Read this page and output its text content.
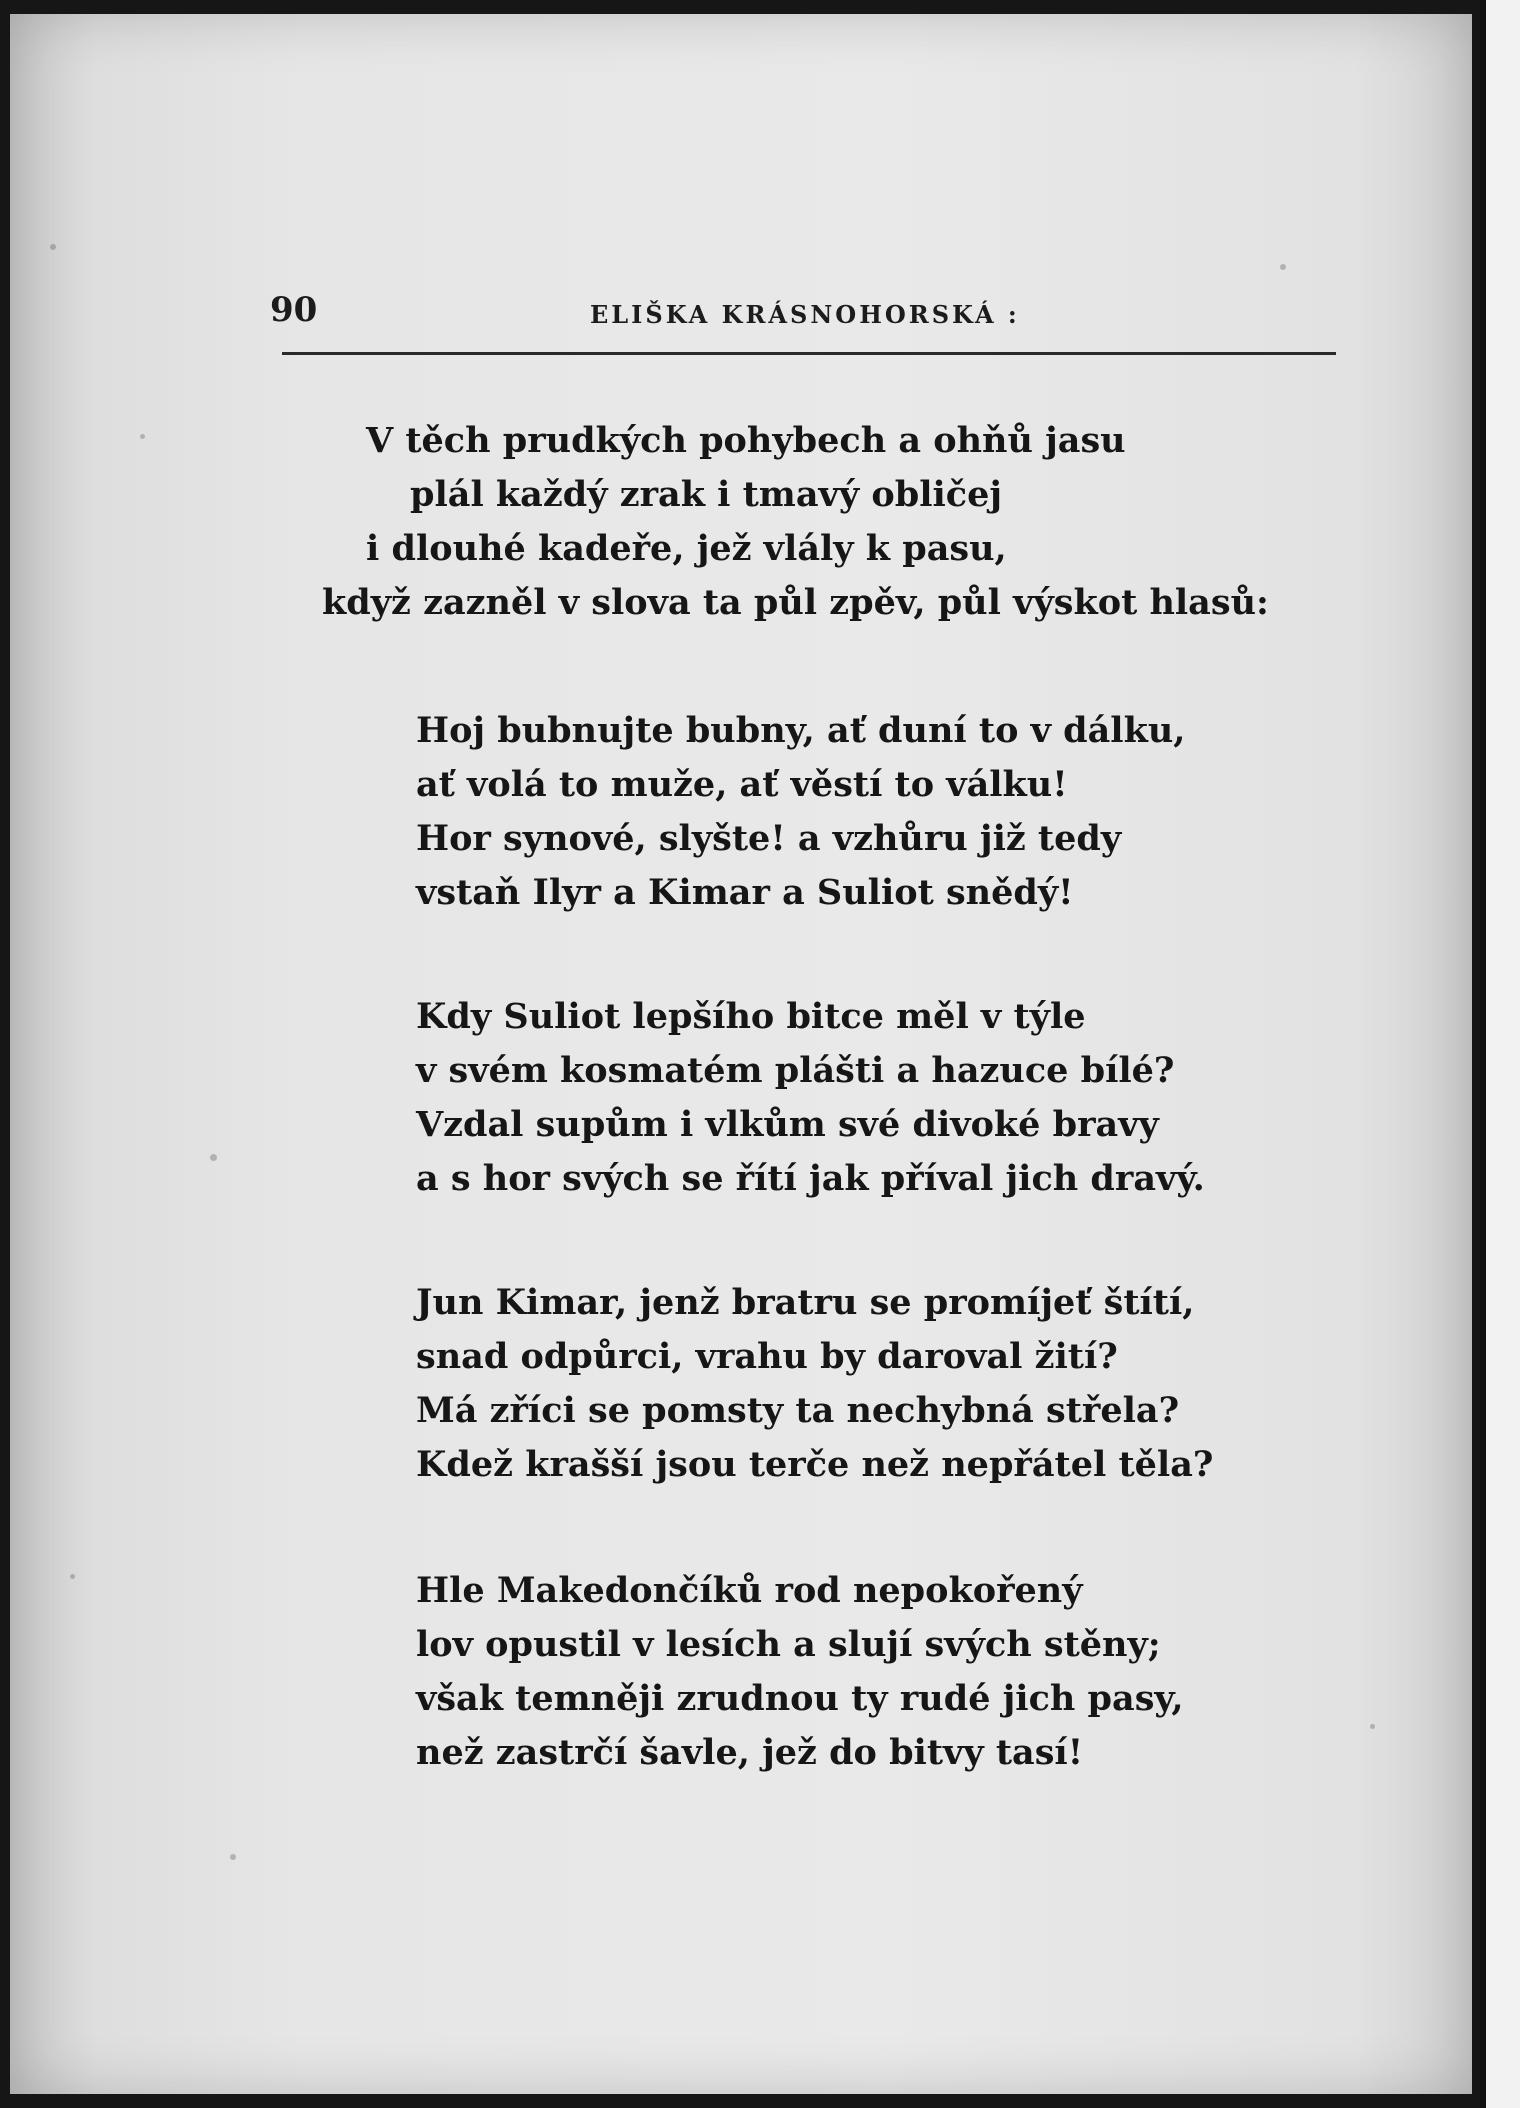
90	ELIŠKA KRÁSNOHORSKÁ :
V těch prudkých pohybech a ohňů jasu
plál každý zrak i tmavý obličej
i dlouhé kadeře, jež vlály k pasu,
když zazněl v slova ta půl zpěv, půl výskot hlasů:
Hoj bubnujte bubny, ať duní to v dálku,
ať volá to muže, ať věstí to válku!
Hor synové, slyšte! a vzhůru již tedy
vstaň Ilyr a Kimar a Suliot snědý!
Kdy Suliot lepšího bitce měl v týle
v svém kosmatém plášti a hazuce bílé?
Vzdal supům i vlkům své divoké bravy
a s hor svých se řítí jak příval jich dravý.
Jun Kimar, jenž bratru se promíjeť štítí,
snad odpůrci, vrahu by daroval žití?
Má zříci se pomsty ta nechybná střela?
Kdež krašší jsou terče než nepřátel těla?
Hle Makedončíků rod nepokořený
lov opustil v lesích a slují svých stěny;
však temněji zrudnou ty rudé jich pasy,
než zastrčí šavle, jež do bitvy tasí!
